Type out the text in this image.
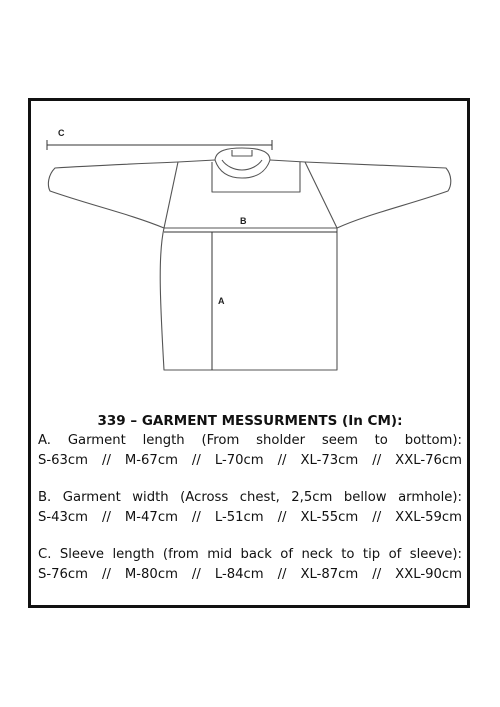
C
B
A

339 – GARMENT MESSURMENTS (In CM):

A. Garment length (From sholder seem to bottom):
S-63cm // M-67cm // L-70cm // XL-73cm // XXL-76cm

B. Garment width (Across chest, 2,5cm bellow armhole):
S-43cm // M-47cm // L-51cm // XL-55cm // XXL-59cm

C. Sleeve length (from mid back of neck to tip of sleeve):
S-76cm // M-80cm // L-84cm // XL-87cm // XXL-90cm
